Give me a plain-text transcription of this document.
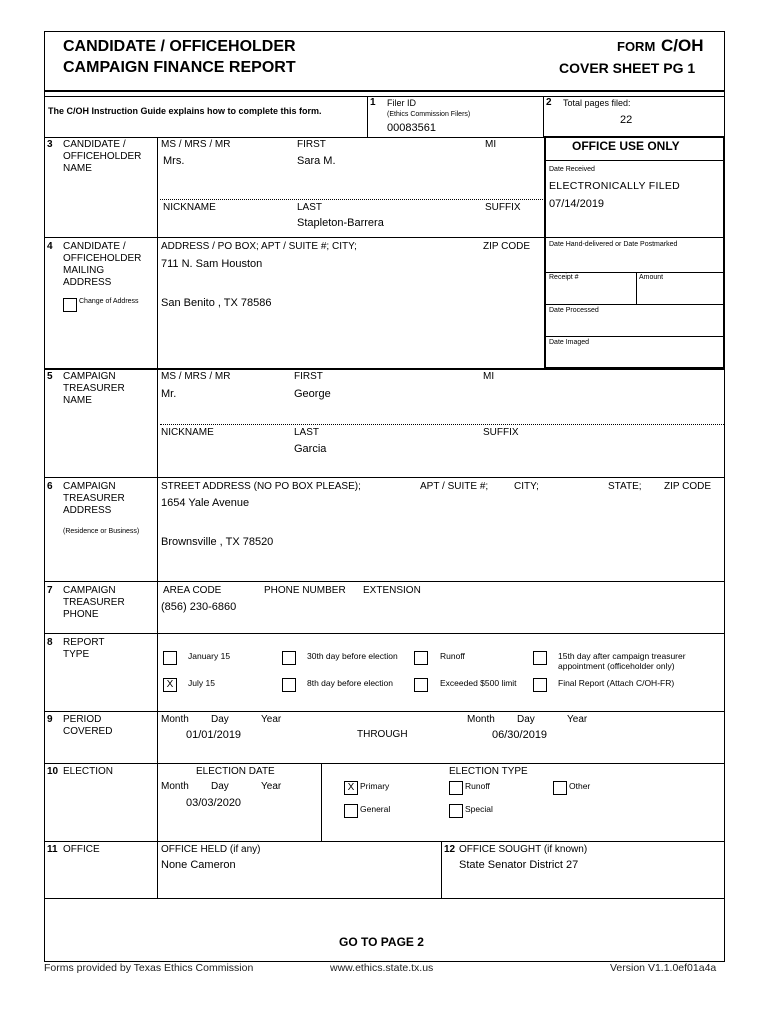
CANDIDATE / OFFICEHOLDER
CAMPAIGN FINANCE REPORT
FORM C/OH
COVER SHEET PG 1
The C/OH Instruction Guide explains how to complete this form.
1 Filer ID
(Ethics Commission Filers)
00083561
2 Total pages filed:
22
3 CANDIDATE /
OFFICEHOLDER
NAME
MS / MRS / MR	FIRST	MI
Mrs.	Sara M.
NICKNAME	LAST	SUFFIX
Stapleton-Barrera
OFFICE USE ONLY
Date Received
ELECTRONICALLY FILED
07/14/2019
Date Hand-delivered or Date Postmarked
Receipt #	Amount
Date Processed
Date Imaged
4 CANDIDATE /
OFFICEHOLDER
MAILING
ADDRESS
Change of Address
ADDRESS / PO BOX; APT / SUITE #; CITY;	ZIP CODE
711 N. Sam Houston
San Benito , TX 78586
5 CAMPAIGN
TREASURER
NAME
MS / MRS / MR	FIRST	MI
Mr.	George
NICKNAME	LAST	SUFFIX
Garcia
6 CAMPAIGN
TREASURER
ADDRESS
(Residence or Business)
STREET ADDRESS (NO PO BOX PLEASE);	APT / SUITE #;	CITY;	STATE; ZIP CODE
1654 Yale Avenue
Brownsville , TX 78520
7 CAMPAIGN
TREASURER
PHONE
AREA CODE	PHONE NUMBER EXTENSION
(856) 230-6860
8 REPORT
TYPE	January 15	30th day before election	Runoff	15th day after campaign treasurer
appointment (officeholder only)
X	July 15	8th day before election	Exceeded $500 limit	Final Report (Attach C/OH-FR)
9 PERIOD
COVERED
Month Day	Year
01/01/2019	THROUGH
Month Day	Year
06/30/2019
10 ELECTION	ELECTION DATE
Month Day	Year
03/03/2020
ELECTION TYPE
X Primary	Runoff	Other
General	Special
11 OFFICE	OFFICE HELD (if any)
None Cameron
12 OFFICE SOUGHT (if known)
State Senator District 27
GO TO PAGE 2
Forms provided by Texas Ethics Commission	www.ethics.state.tx.us	Version V1.1.0ef01a4a
